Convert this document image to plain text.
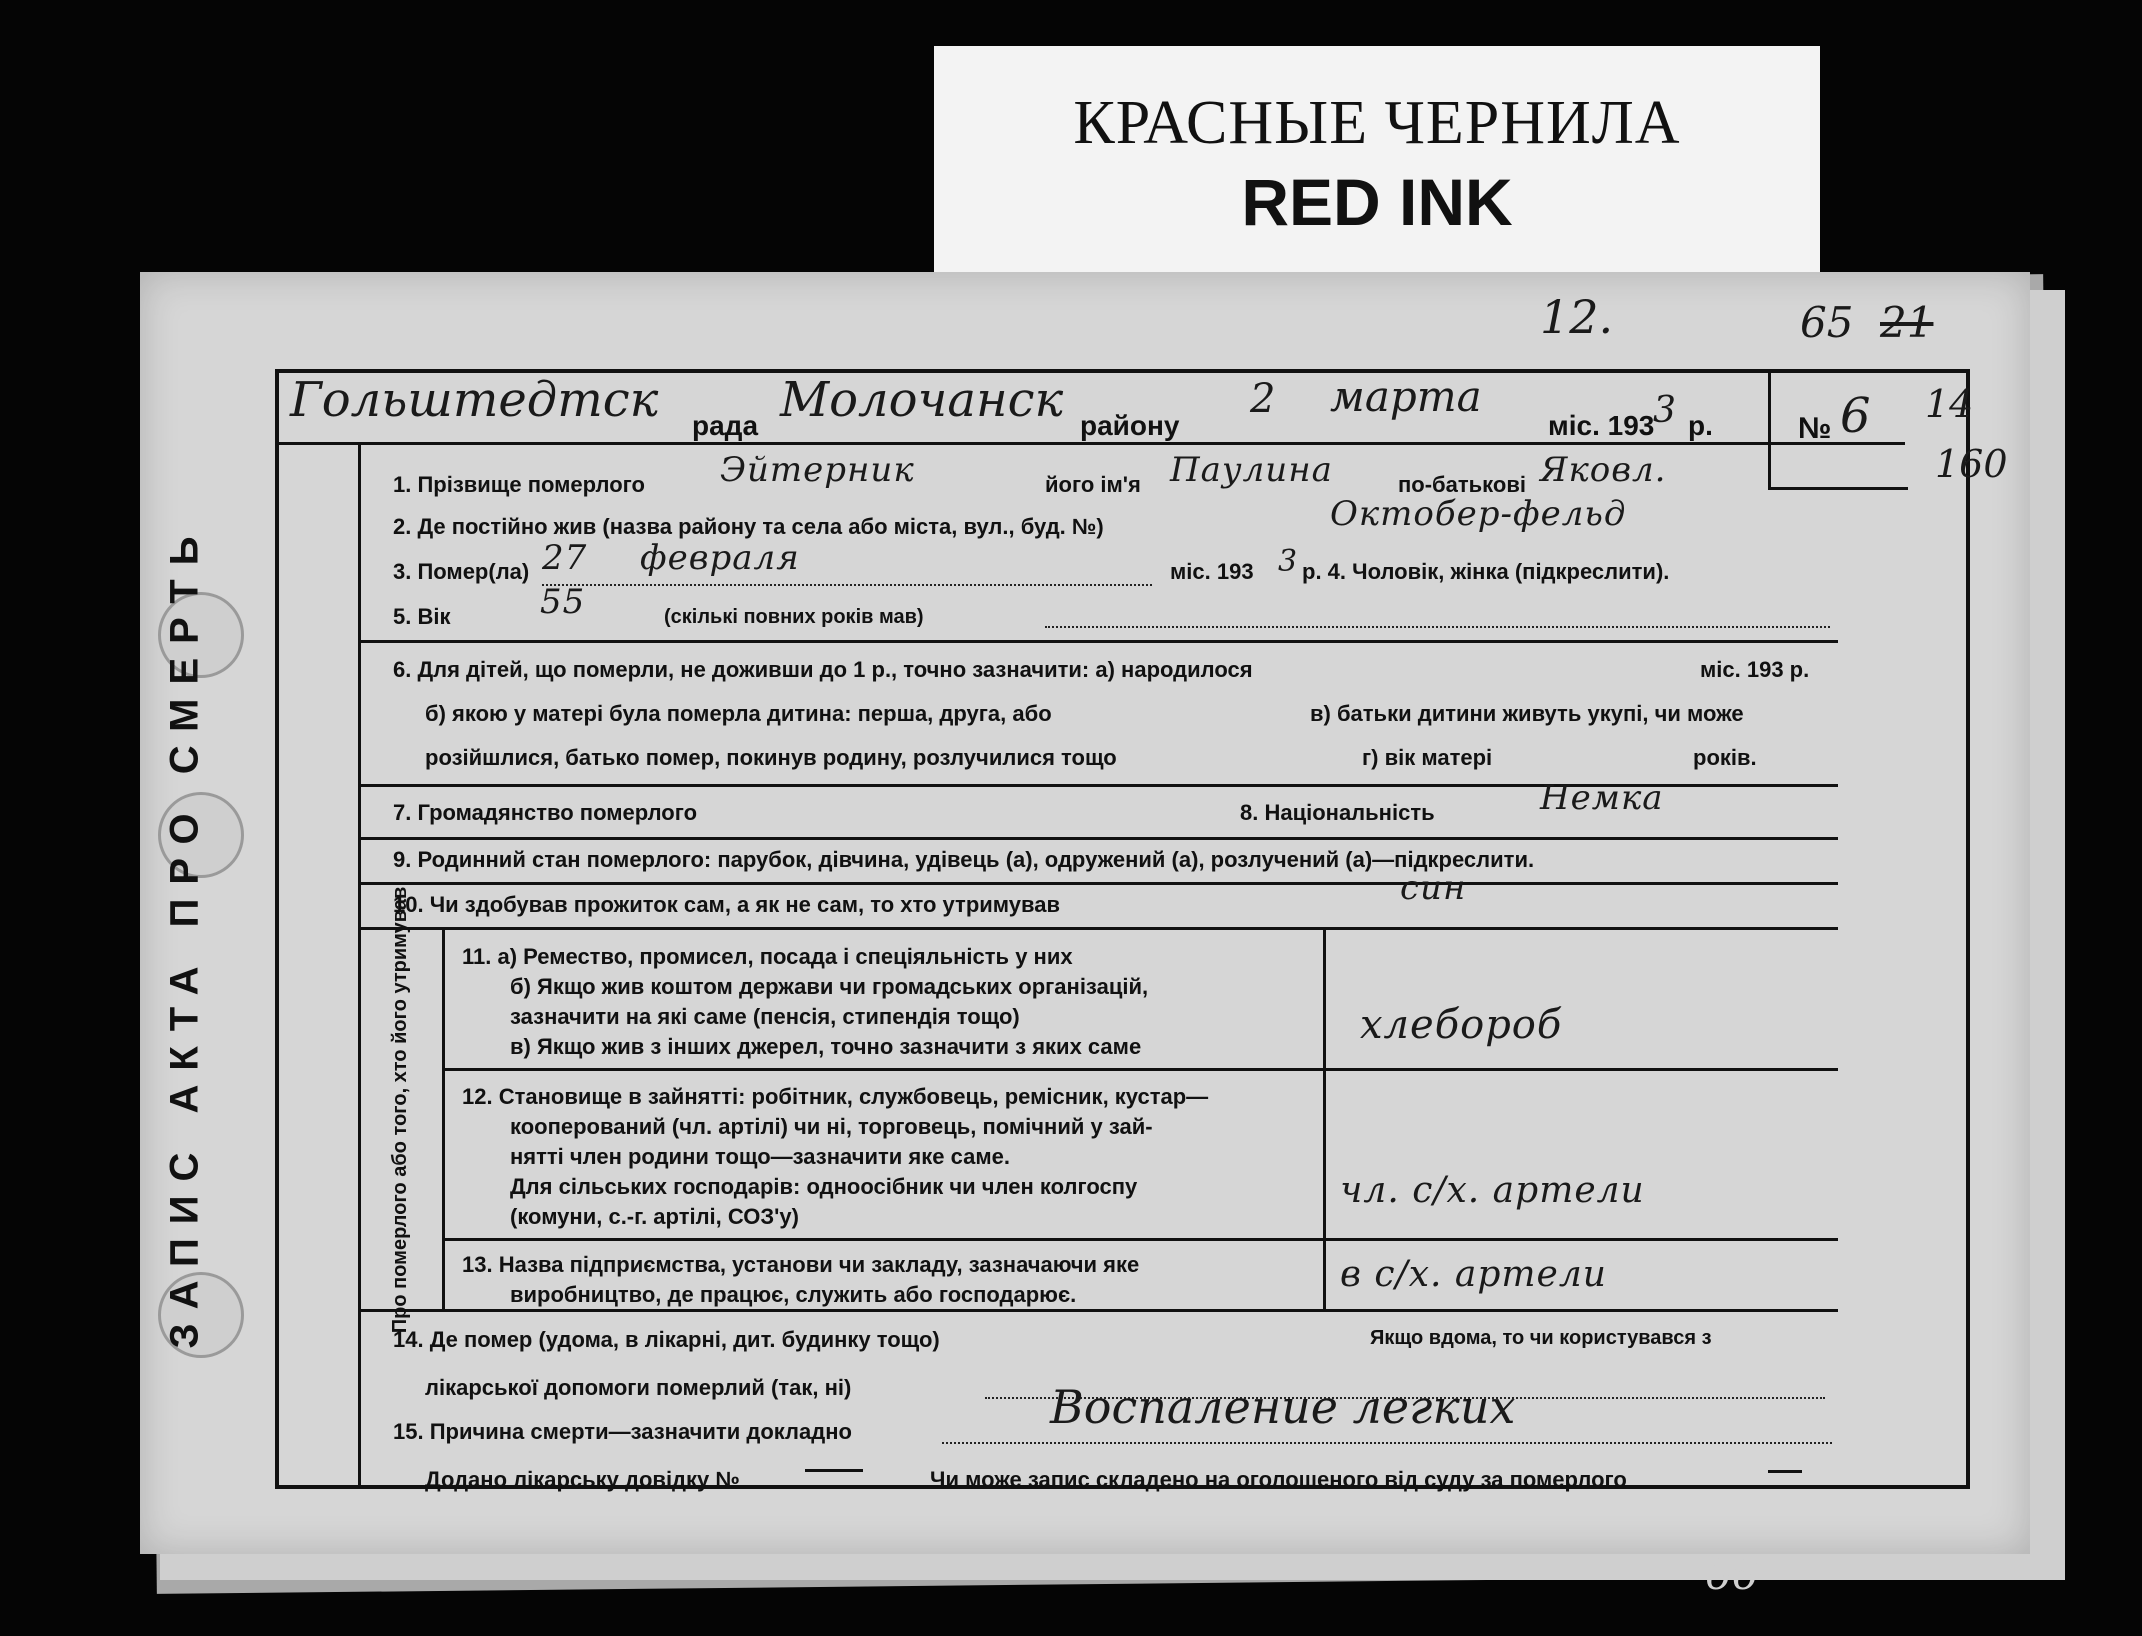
КРАСНЫЕ ЧЕРНИЛА
RED INK
12.	65 21
14
160
Гольштедтск рада Молочанск району
2 марта
міс. 193
3 р.	№ 6
1. Прізвище померлого Эйтерник	його ім'я Паулина	по-батькові Яковл.
2. Де постійно жив (назва району та села або міста, вул., буд. №)	Октобер-фельд
3. Помер(ла) 27 февраля	міс. 193 3 р. 4. Чоловік, жінка (підкреслити).
5. Вік	55	(скількі повних років мав)
6. Для дітей, що померли, не доживши до 1 р., точно зазначити: а) народилося	міс. 193 р.
б) якою у матері була померла дитина: перша, друга, або	в) батьки дитини живуть укупі, чи може
розійшлися, батько помер, покинув родину, розлучилися тощо	г) вік матері	років.
7. Громадянство померлого	8. Національність	Немка
9. Родинний стан померлого: парубок, дівчина, удівець (а), одружений (а), розлучений (а)—підкреслити.
10. Чи здобував прожиток сам, а як не сам, то хто утримував	син
11. а) Ремество, промисел, посада і спеціяльність у них
б) Якщо жив коштом держави чи громадських організацій,
зазначити на які саме (пенсія, стипендія тощо)
в) Якщо жив з інших джерел, точно зазначити з яких саме	хлебороб
12. Становище в зайнятті: робітник, службовець, ремісник, кустар—
кооперований (чл. артілі) чи ні, торговець, помічний у зай-
нятті член родини тощо—зазначити яке саме.
Для сільських господарів: одноосібник чи член колгоспу
(комуни, с.-г. артілі, СОЗ'у)
чл. с/х. артели
13. Назва підприємства, установи чи закладу, зазначаючи яке
виробництво, де працює, служить або господарює.	в с/х. артели
14. Де помер (удома, в лікарні, дит. будинку тощо)	Якщо вдома, то чи користувався з
лікарської допомоги померлий (так, ні)
15. Причина смерти—зазначити докладно	Воспаление легких
Додано лікарську довідку №	Чи може запис складено на оголошеного від суду за померлого
66
ЗАПИС АКТА ПРО СМЕРТЬ	Про померлого або того, хто його утримував
